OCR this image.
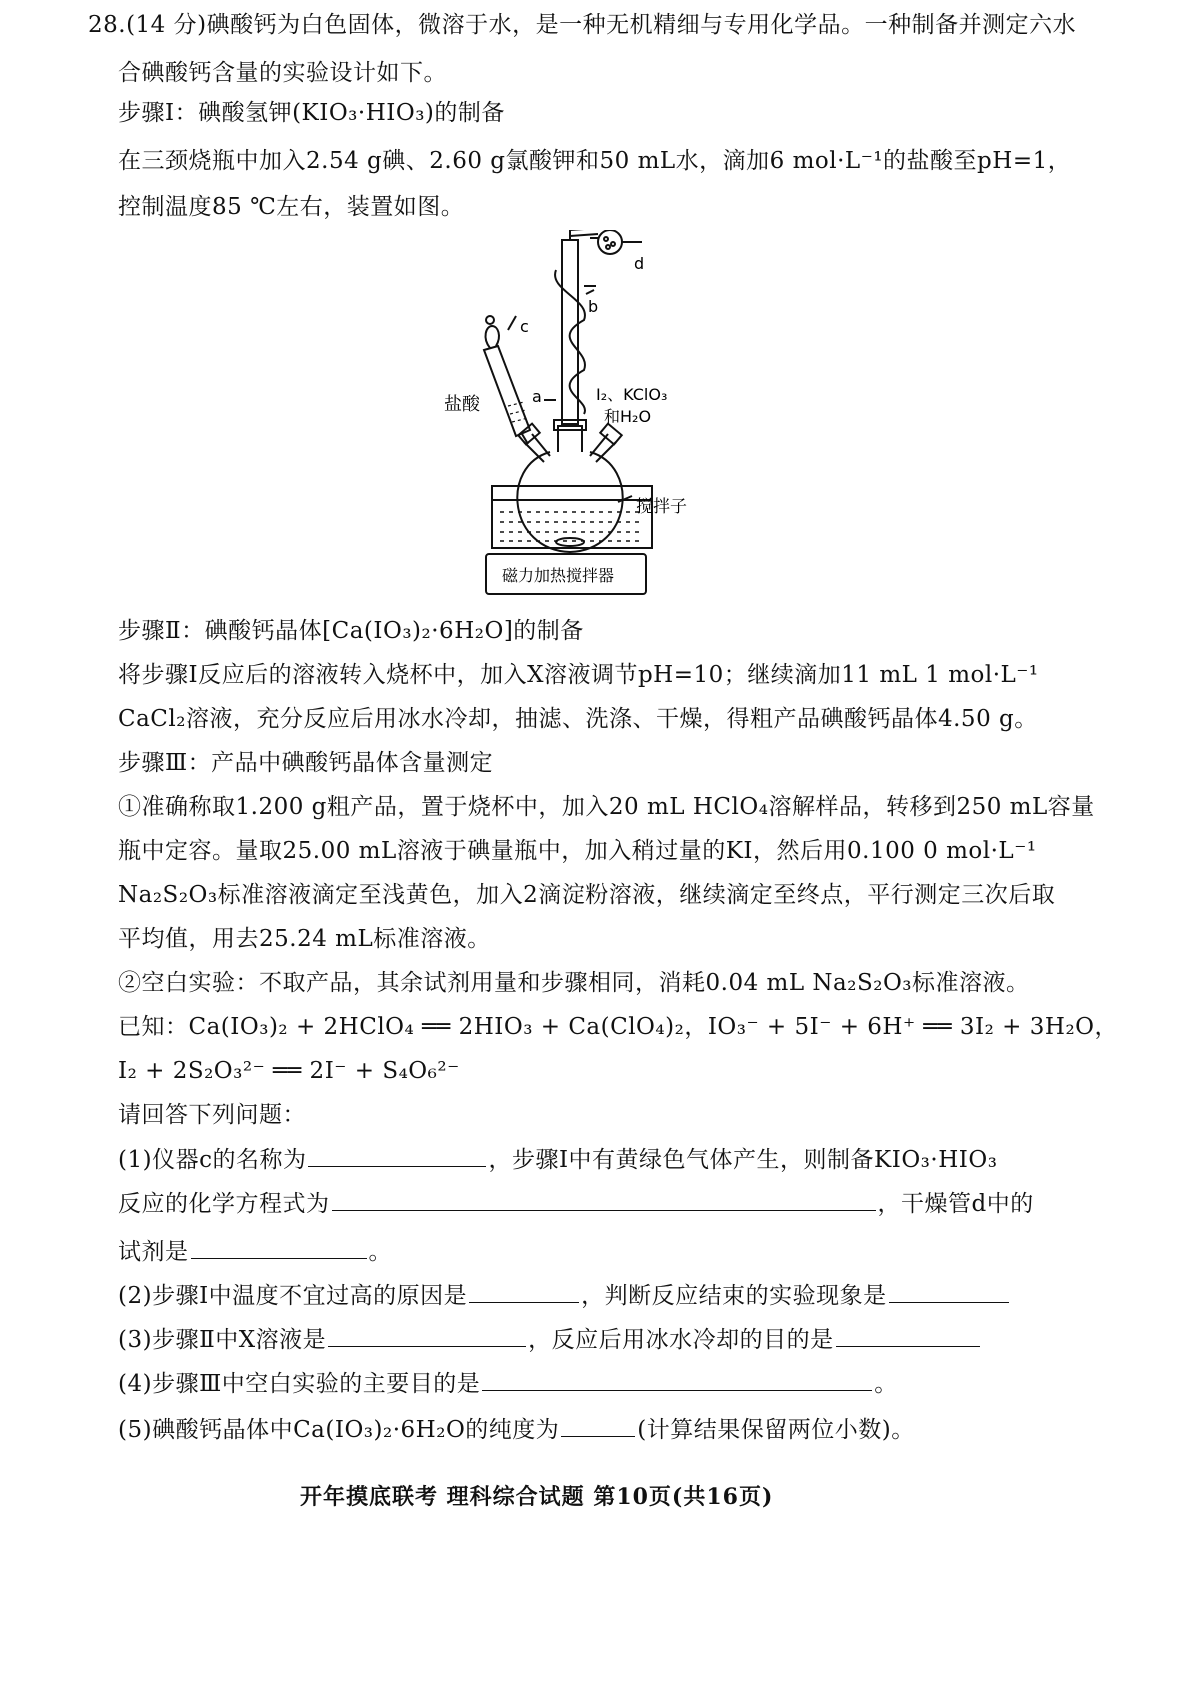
28.(14 分)碘酸钙为白色固体，微溶于水，是一种无机精细与专用化学品。一种制备并测定六水
合碘酸钙含量的实验设计如下。
步骤Ⅰ：碘酸氢钾(KIO₃·HIO₃)的制备
在三颈烧瓶中加入2.54 g碘、2.60 g氯酸钾和50 mL水，滴加6 mol·L⁻¹的盐酸至pH=1，
控制温度85 ℃左右，装置如图。
d
b
c
a
盐酸	I₂、KClO₃
和H₂O
搅拌子
磁力加热搅拌器
步骤Ⅱ：碘酸钙晶体[Ca(IO₃)₂·6H₂O]的制备
将步骤Ⅰ反应后的溶液转入烧杯中，加入X溶液调节pH=10；继续滴加11 mL 1 mol·L⁻¹
CaCl₂溶液，充分反应后用冰水冷却，抽滤、洗涤、干燥，得粗产品碘酸钙晶体4.50 g。
步骤Ⅲ：产品中碘酸钙晶体含量测定
①准确称取1.200 g粗产品，置于烧杯中，加入20 mL HClO₄溶解样品，转移到250 mL容量
瓶中定容。量取25.00 mL溶液于碘量瓶中，加入稍过量的KI，然后用0.100 0 mol·L⁻¹
Na₂S₂O₃标准溶液滴定至浅黄色，加入2滴淀粉溶液，继续滴定至终点，平行测定三次后取
平均值，用去25.24 mL标准溶液。
②空白实验：不取产品，其余试剂用量和步骤相同，消耗0.04 mL Na₂S₂O₃标准溶液。
已知：Ca(IO₃)₂ + 2HClO₄ ══ 2HIO₃ + Ca(ClO₄)₂，IO₃⁻ + 5I⁻ + 6H⁺ ══ 3I₂ + 3H₂O，
I₂ + 2S₂O₃²⁻ ══ 2I⁻ + S₄O₆²⁻
请回答下列问题：
(1)仪器c的名称为	，步骤Ⅰ中有黄绿色气体产生，则制备KIO₃·HIO₃
反应的化学方程式为	，干燥管d中的
试剂是	。
(2)步骤Ⅰ中温度不宜过高的原因是	，判断反应结束的实验现象是
(3)步骤Ⅱ中X溶液是	，反应后用冰水冷却的目的是
(4)步骤Ⅲ中空白实验的主要目的是	。
(5)碘酸钙晶体中Ca(IO₃)₂·6H₂O的纯度为	(计算结果保留两位小数)。
开年摸底联考 理科综合试题 第10页(共16页)
